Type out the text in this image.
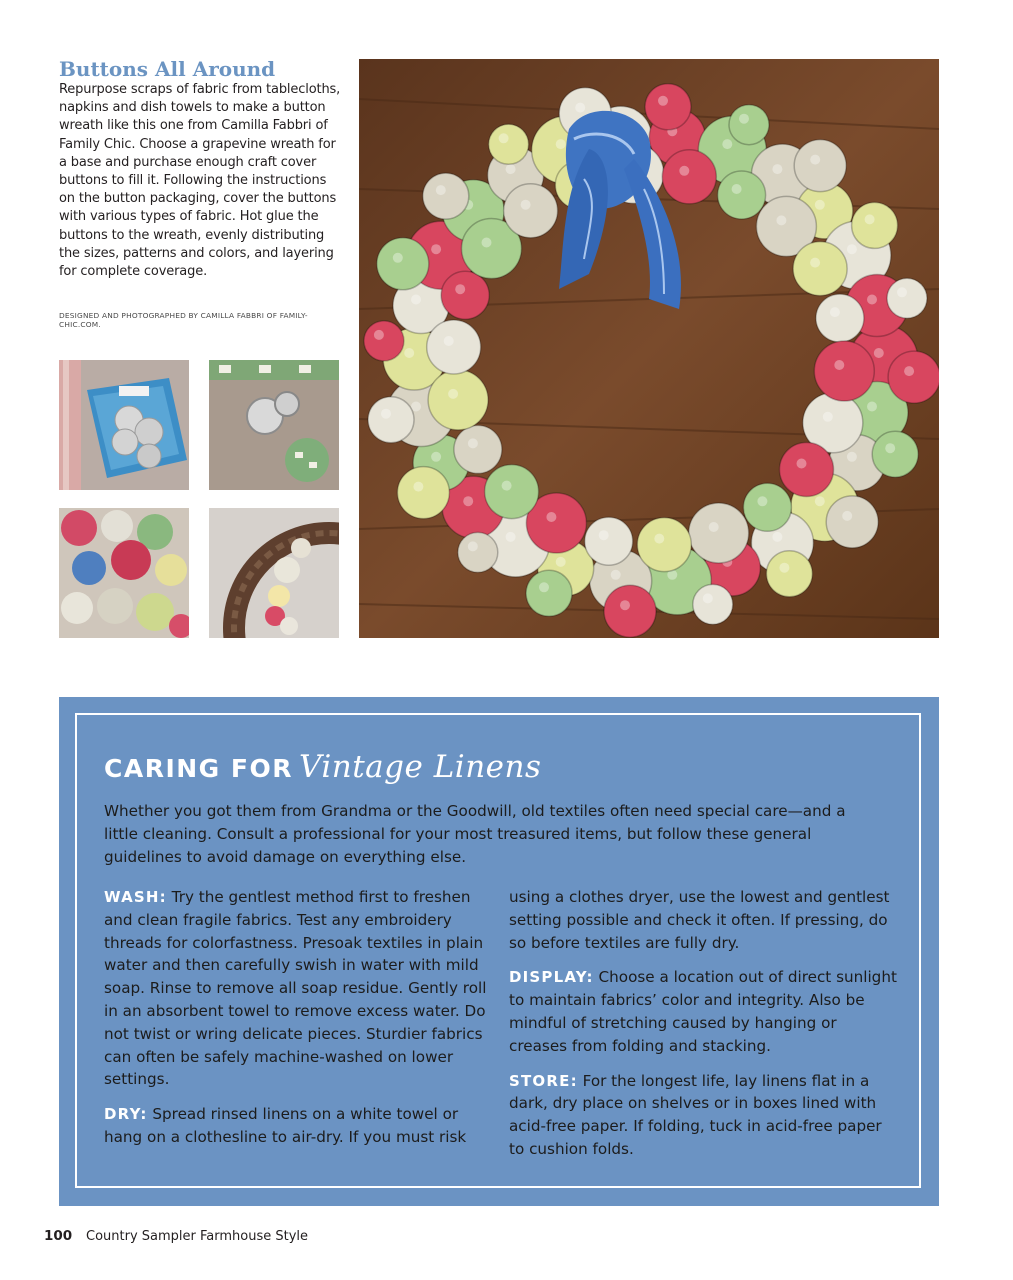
Buttons All Around
Repurpose scraps of fabric from tablecloths, napkins and dish towels to make a button wreath like this one from Camilla Fabbri of Family Chic. Choose a grapevine wreath for a base and purchase enough craft cover buttons to fill it. Following the instructions on the button packaging, cover the buttons with various types of fabric. Hot glue the buttons to the wreath, evenly distributing the sizes, patterns and colors, and layering for complete coverage.
DESIGNED AND PHOTOGRAPHED BY CAMILLA FABBRI OF FAMILY-CHIC.COM.
CARING FOR Vintage Linens
Whether you got them from Grandma or the Goodwill, old textiles often need special care—and a little cleaning. Consult a professional for your most treasured items, but follow these general guidelines to avoid damage on everything else.

WASH: Try the gentlest method first to freshen and clean fragile fabrics. Test any embroidery threads for colorfastness. Presoak textiles in plain water and then carefully swish in water with mild soap. Rinse to remove all soap residue. Gently roll in an absorbent towel to remove excess water. Do not twist or wring delicate pieces. Sturdier fabrics can often be safely machine-washed on lower settings.

DRY: Spread rinsed linens on a white towel or hang on a clothesline to air-dry. If you must risk

using a clothes dryer, use the lowest and gentlest setting possible and check it often. If pressing, do so before textiles are fully dry.

DISPLAY: Choose a location out of direct sunlight to maintain fabrics’ color and integrity. Also be mindful of stretching caused by hanging or creases from folding and stacking.

STORE: For the longest life, lay linens flat in a dark, dry place on shelves or in boxes lined with acid-free paper. If folding, tuck in acid-free paper to cushion folds.

100 Country Sampler Farmhouse Style
